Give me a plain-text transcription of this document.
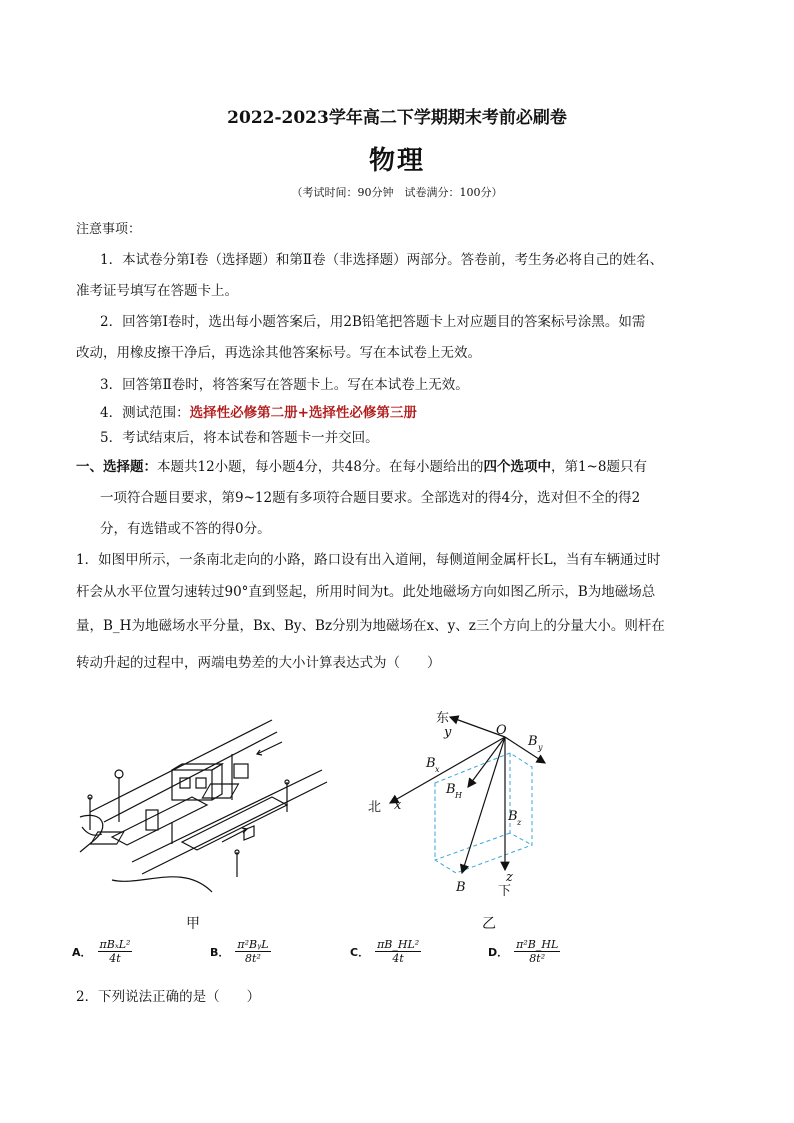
2022-2023学年高二下学期期末考前必刷卷
物理
（考试时间：90分钟　试卷满分：100分）
注意事项：
1．本试卷分第Ⅰ卷（选择题）和第Ⅱ卷（非选择题）两部分。答卷前，考生务必将自己的姓名、
准考证号填写在答题卡上。
2．回答第Ⅰ卷时，选出每小题答案后，用2B铅笔把答题卡上对应题目的答案标号涂黑。如需
改动，用橡皮擦干净后，再选涂其他答案标号。写在本试卷上无效。
3．回答第Ⅱ卷时，将答案写在答题卡上。写在本试卷上无效。
4．测试范围：选择性必修第二册+选择性必修第三册
5．考试结束后，将本试卷和答题卡一并交回。
一、选择题：本题共12小题，每小题4分，共48分。在每小题给出的四个选项中，第1~8题只有
一项符合题目要求，第9~12题有多项符合题目要求。全部选对的得4分，选对但不全的得2
分，有选错或不答的得0分。
1．如图甲所示，一条南北走向的小路，路口设有出入道闸，每侧道闸金属杆长L，当有车辆通过时
杆会从水平位置匀速转过90°直到竖起，所用时间为t。此处地磁场方向如图乙所示，B为地磁场总
量，B_H为地磁场水平分量，Bx、By、Bz分别为地磁场在x、y、z三个方向上的分量大小。则杆在
转动升起的过程中，两端电势差的大小计算表达式为（　　）
甲
O
y
x
z
B y
B x
B H
B z
B
东
北
下
乙
A． $\frac{\text{πBₓL²}}{4t}$	B． $\frac{\text{π²BᵧL}}{\text{8t²}}$	C． $\frac{\text{πB\_HL²}}{4t}$	D． $\frac{\text{π²B\_HL}}{\text{8t²}}$
2．下列说法正确的是（　　）
